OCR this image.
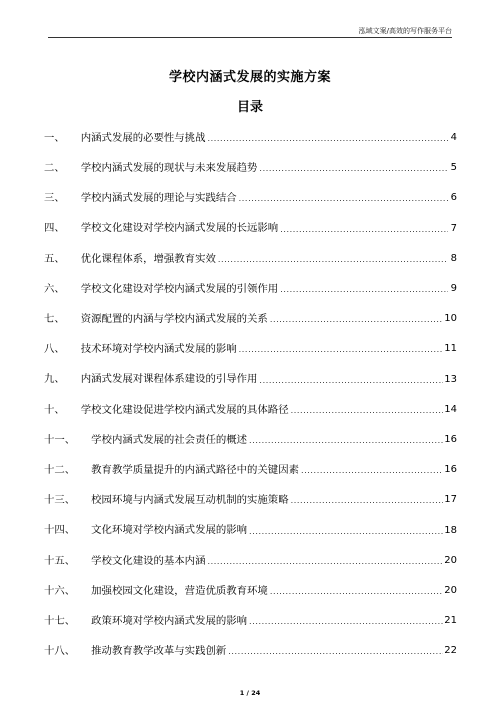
泓域文案/高效的写作服务平台
学校内涵式发展的实施方案
目录
一、 内涵式发展的必要性与挑战 .....	4
二、 学校内涵式发展的现状与未来发展趋势 .....	5
三、 学校内涵式发展的理论与实践结合 .....	6
四、 学校文化建设对学校内涵式发展的长远影响 .....	7
五、 优化课程体系，增强教育实效 .....	8
六、 学校文化建设对学校内涵式发展的引领作用 .....	9
七、 资源配置的内涵与学校内涵式发展的关系 .....	10
八、 技术环境对学校内涵式发展的影响 .....	11
九、 内涵式发展对课程体系建设的引导作用 .....	13
十、 学校文化建设促进学校内涵式发展的具体路径 .....	14
十一、 学校内涵式发展的社会责任的概述 .....	16
十二、 教育教学质量提升的内涵式路径中的关键因素 .....	16
十三、 校园环境与内涵式发展互动机制的实施策略 .....	17
十四、 文化环境对学校内涵式发展的影响 .....	18
十五、 学校文化建设的基本内涵 .....	20
十六、 加强校园文化建设，营造优质教育环境 .....	20
十七、 政策环境对学校内涵式发展的影响 .....	21
十八、 推动教育教学改革与实践创新 .....	22
1 / 24
